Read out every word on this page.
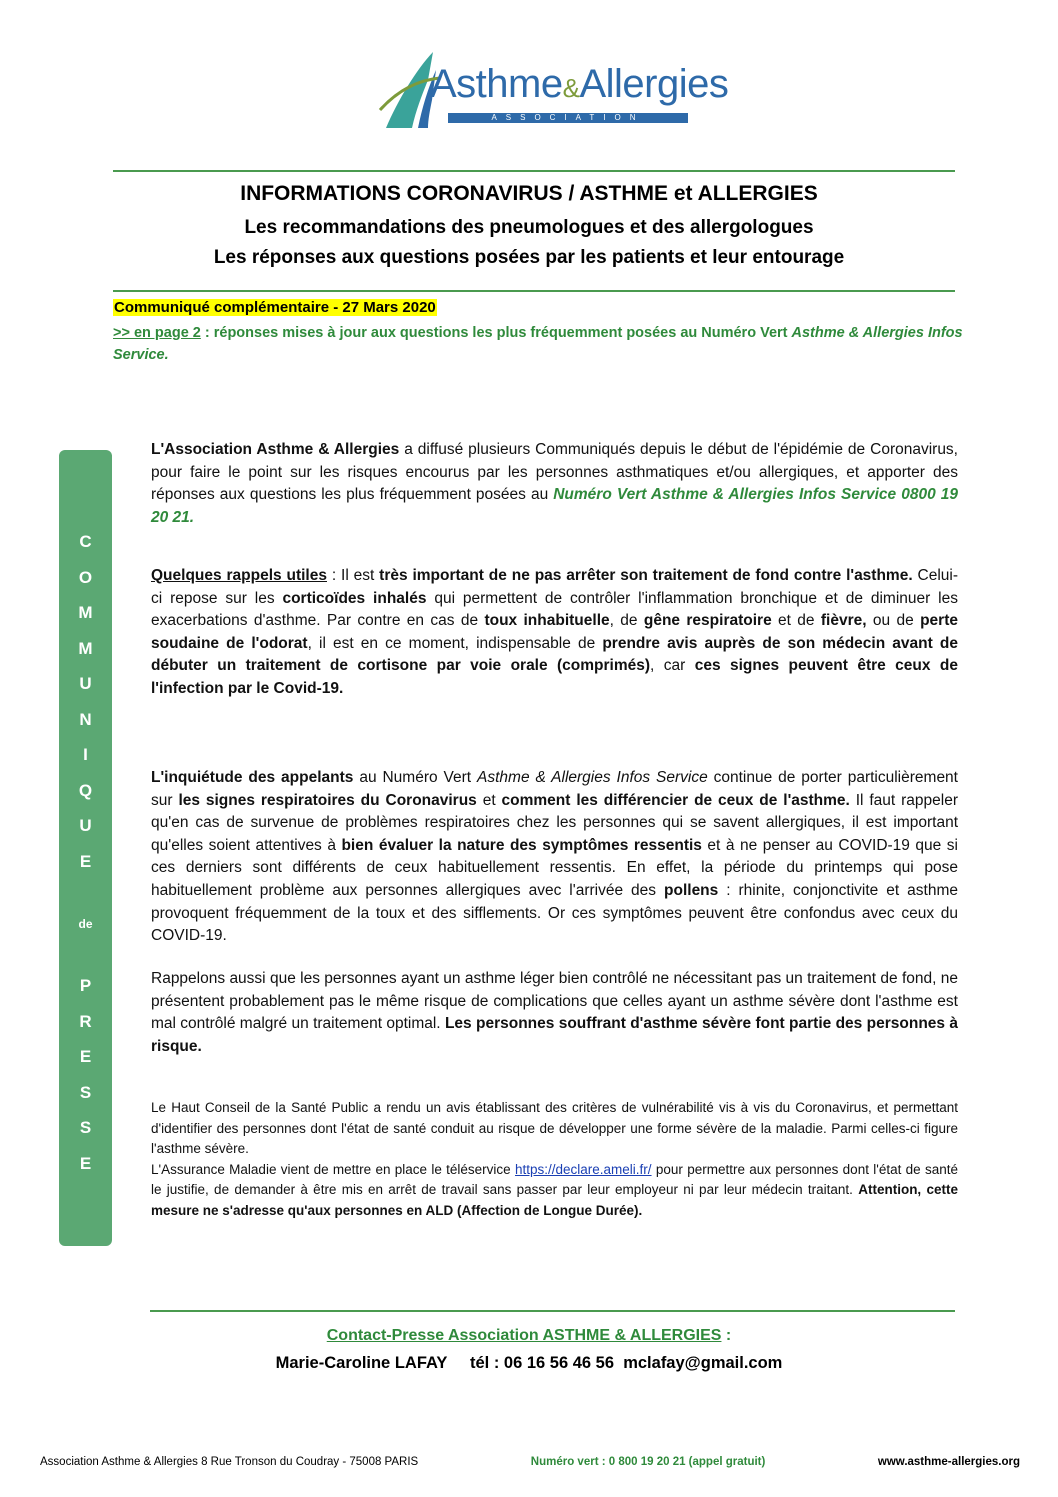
Asthme&Allergies
ASSOCIATION
INFORMATIONS CORONAVIRUS / ASTHME et ALLERGIES
Les recommandations des pneumologues et des allergologues
Les réponses aux questions posées par les patients et leur entourage
Communiqué complémentaire - 27 Mars 2020
>> en page 2 : réponses mises à jour aux questions les plus fréquemment posées au Numéro Vert Asthme & Allergies Infos Service.
C
O
M
M
U
N
I
Q
U
E
de
P
R
E
S
S
E
L'Association Asthme & Allergies a diffusé plusieurs Communiqués depuis le début de l'épidémie de Coronavirus, pour faire le point sur les risques encourus par les personnes asthmatiques et/ou allergiques, et apporter des réponses aux questions les plus fréquemment posées au Numéro Vert Asthme & Allergies Infos Service 0800 19 20 21.
Quelques rappels utiles : Il est très important de ne pas arrêter son traitement de fond contre l'asthme. Celui-ci repose sur les corticoïdes inhalés qui permettent de contrôler l'inflammation bronchique et de diminuer les exacerbations d'asthme. Par contre en cas de toux inhabituelle, de gêne respiratoire et de fièvre, ou de perte soudaine de l'odorat, il est en ce moment, indispensable de prendre avis auprès de son médecin avant de débuter un traitement de cortisone par voie orale (comprimés), car ces signes peuvent être ceux de l'infection par le Covid-19.
L'inquiétude des appelants au Numéro Vert Asthme & Allergies Infos Service continue de porter particulièrement sur les signes respiratoires du Coronavirus et comment les différencier de ceux de l'asthme. Il faut rappeler qu'en cas de survenue de problèmes respiratoires chez les personnes qui se savent allergiques, il est important qu'elles soient attentives à bien évaluer la nature des symptômes ressentis et à ne penser au COVID-19 que si ces derniers sont différents de ceux habituellement ressentis. En effet, la période du printemps qui pose habituellement problème aux personnes allergiques avec l'arrivée des pollens : rhinite, conjonctivite et asthme provoquent fréquemment de la toux et des sifflements. Or ces symptômes peuvent être confondus avec ceux du COVID-19.
Rappelons aussi que les personnes ayant un asthme léger bien contrôlé ne nécessitant pas un traitement de fond, ne présentent probablement pas le même risque de complications que celles ayant un asthme sévère dont l'asthme est mal contrôlé malgré un traitement optimal. Les personnes souffrant d'asthme sévère font partie des personnes à risque.
Le Haut Conseil de la Santé Public a rendu un avis établissant des critères de vulnérabilité vis à vis du Coronavirus, et permettant d'identifier des personnes dont l'état de santé conduit au risque de développer une forme sévère de la maladie. Parmi celles-ci figure l'asthme sévère.
L'Assurance Maladie vient de mettre en place le téléservice https://declare.ameli.fr/ pour permettre aux personnes dont l'état de santé le justifie, de demander à être mis en arrêt de travail sans passer par leur employeur ni par leur médecin traitant. Attention, cette mesure ne s'adresse qu'aux personnes en ALD (Affection de Longue Durée).
Contact-Presse Association ASTHME & ALLERGIES :
Marie-Caroline LAFAY     tél : 06 16 56 46 56  mclafay@gmail.com
Association Asthme & Allergies 8 Rue Tronson du Coudray - 75008 PARIS	Numéro vert : 0 800 19 20 21 (appel gratuit)	www.asthme-allergies.org
